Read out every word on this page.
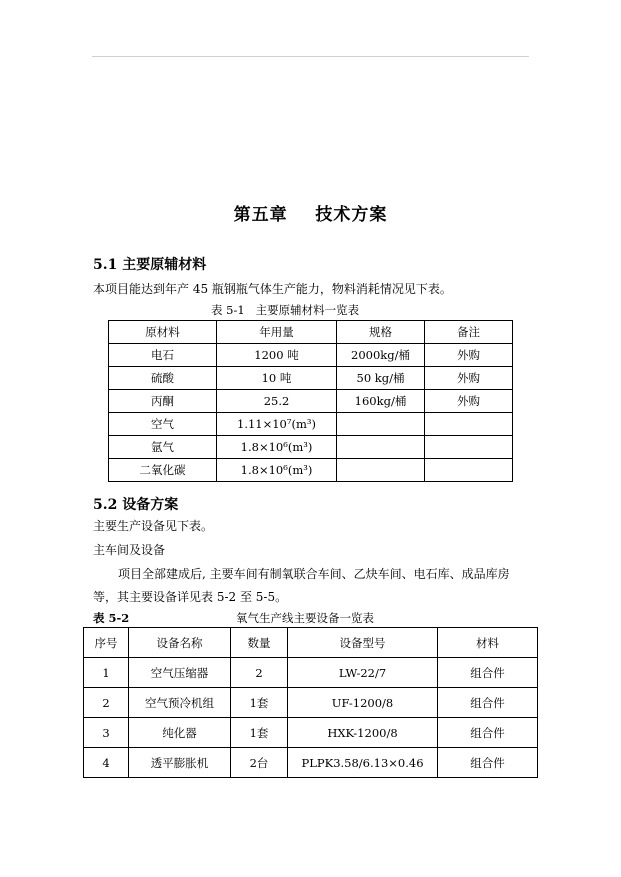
第五章    技术方案
5.1 主要原辅材料
本项目能达到年产 45 瓶钢瓶气体生产能力，物料消耗情况见下表。
表 5-1   主要原辅材料一览表
原材料	年用量	规格	备注
电石	1200 吨	2000kg/桶	外购
硫酸	10 吨	50 kg/桶	外购
丙酮	25.2	160kg/桶	外购
空气	1.11×10⁷(m³)		
氩气	1.8×10⁶(m³)		
二氧化碳	1.8×10⁶(m³)		
5.2 设备方案
主要生产设备见下表。
主车间及设备
项目全部建成后, 主要车间有制氧联合车间、乙炔车间、电石库、成品库房
等，其主要设备详见表 5-2 至 5-5。
表 5-2	氧气生产线主要设备一览表
序号	设备名称	数量	设备型号	材料
1	空气压缩器	2	LW-22/7	组合件
2	空气预冷机组	1套	UF-1200/8	组合件
3	纯化器	1套	HXK-1200/8	组合件
4	透平膨胀机	2台	PLPK3.58/6.13×0.46	组合件
